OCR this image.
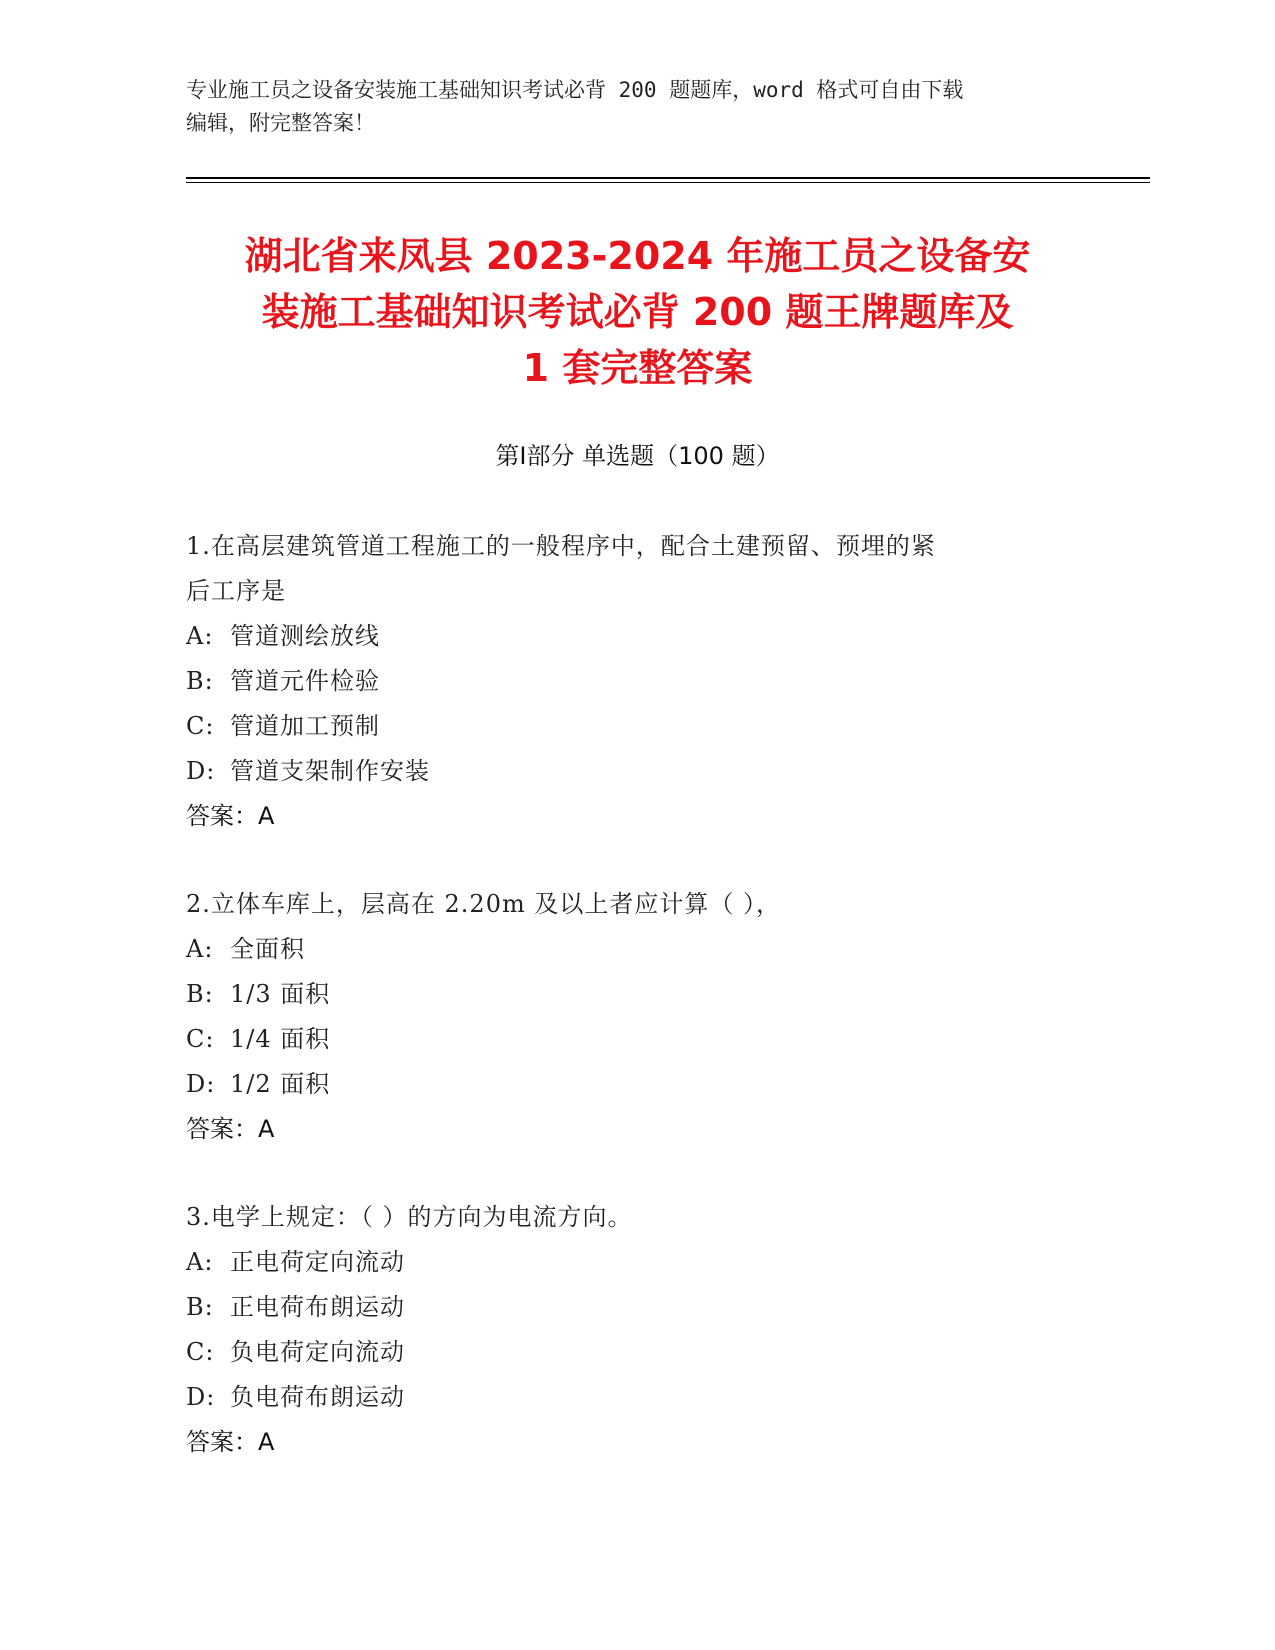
专业施工员之设备安装施工基础知识考试必背 200 题题库，word 格式可自由下载
编辑，附完整答案！
湖北省来凤县 2023-2024 年施工员之设备安
装施工基础知识考试必背 200 题王牌题库及
1 套完整答案
第Ⅰ部分 单选题（100 题）
1.在高层建筑管道工程施工的一般程序中，配合土建预留、预埋的紧
后工序是
A: 管道测绘放线
B: 管道元件检验
C: 管道加工预制
D: 管道支架制作安装
答案：A
2.立体车库上，层高在 2.20m 及以上者应计算（ ），
A: 全面积
B: 1/3 面积
C: 1/4 面积
D: 1/2 面积
答案：A
3.电学上规定：（ ）的方向为电流方向。
A: 正电荷定向流动
B: 正电荷布朗运动
C: 负电荷定向流动
D: 负电荷布朗运动
答案：A
